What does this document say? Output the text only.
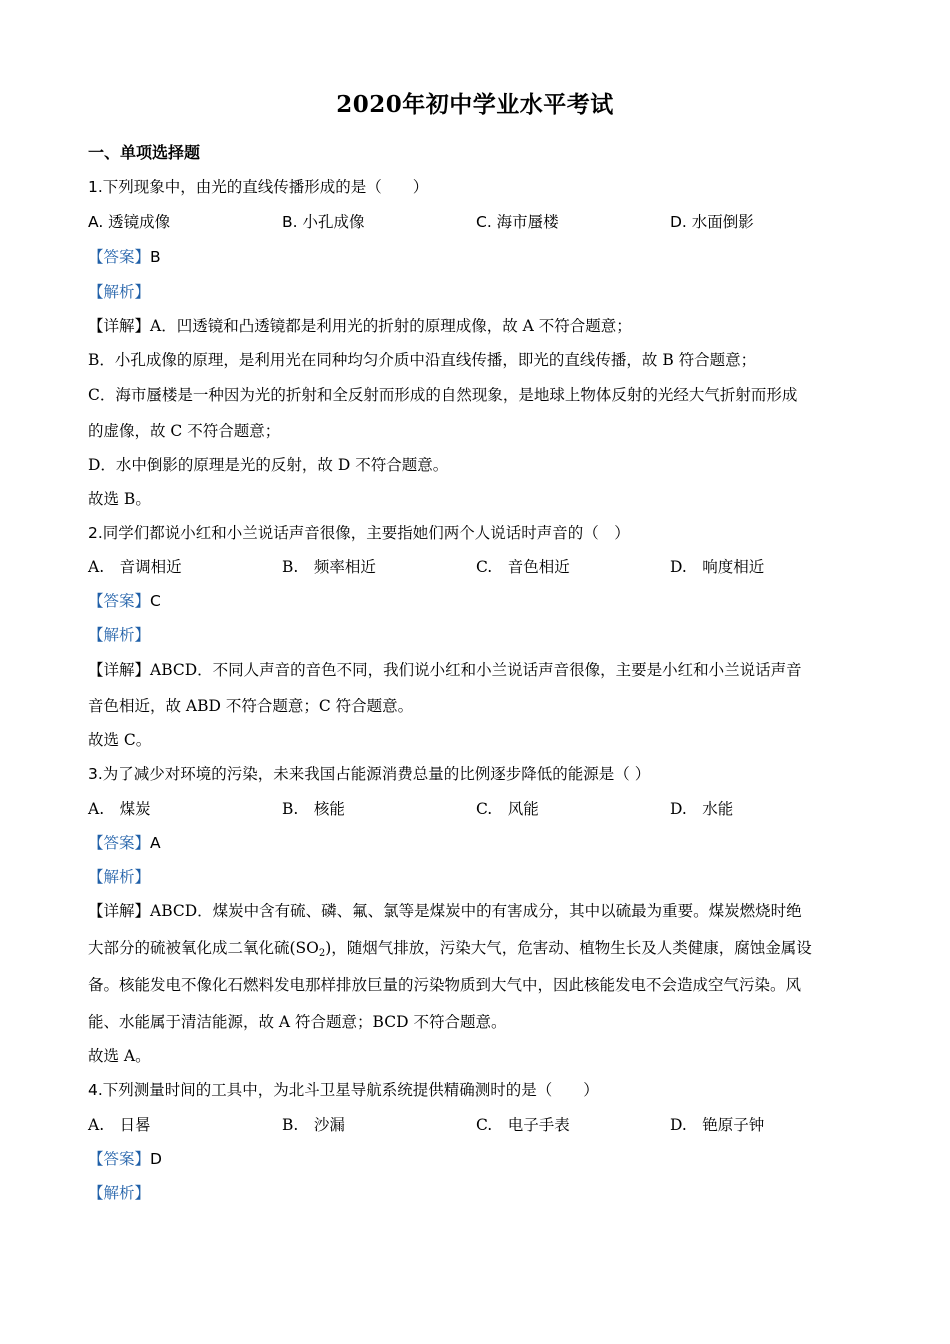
2020年初中学业水平考试
一、单项选择题
1.下列现象中，由光的直线传播形成的是（　　）
A. 透镜成像	B. 小孔成像	C. 海市蜃楼	D. 水面倒影
【答案】B
【解析】
【详解】A．凹透镜和凸透镜都是利用光的折射的原理成像，故 A 不符合题意；
B．小孔成像的原理，是利用光在同种均匀介质中沿直线传播，即光的直线传播，故 B 符合题意；
C．海市蜃楼是一种因为光的折射和全反射而形成的自然现象，是地球上物体反射的光经大气折射而形成
的虚像，故 C 不符合题意；
D．水中倒影的原理是光的反射，故 D 不符合题意。
故选 B。
2.同学们都说小红和小兰说话声音很像，主要指她们两个人说话时声音的（　）
A.　音调相近	B.　频率相近	C.　音色相近	D.　响度相近
【答案】C
【解析】
【详解】ABCD．不同人声音的音色不同，我们说小红和小兰说话声音很像，主要是小红和小兰说话声音
音色相近，故 ABD 不符合题意；C 符合题意。
故选 C。
3.为了减少对环境的污染，未来我国占能源消费总量的比例逐步降低的能源是（ ）
A.　煤炭	B.　核能	C.　风能	D.　水能
【答案】A
【解析】
【详解】ABCD．煤炭中含有硫、磷、氟、氯等是煤炭中的有害成分，其中以硫最为重要。煤炭燃烧时绝
大部分的硫被氧化成二氧化硫$(SO_2)$，随烟气排放，污染大气，危害动、植物生长及人类健康，腐蚀金属设
备。核能发电不像化石燃料发电那样排放巨量的污染物质到大气中，因此核能发电不会造成空气污染。风
能、水能属于清洁能源，故 A 符合题意；BCD 不符合题意。
故选 A。
4.下列测量时间的工具中，为北斗卫星导航系统提供精确测时的是（　　）
A.　日晷	B.　沙漏	C.　电子手表	D.　铯原子钟
【答案】D
【解析】
